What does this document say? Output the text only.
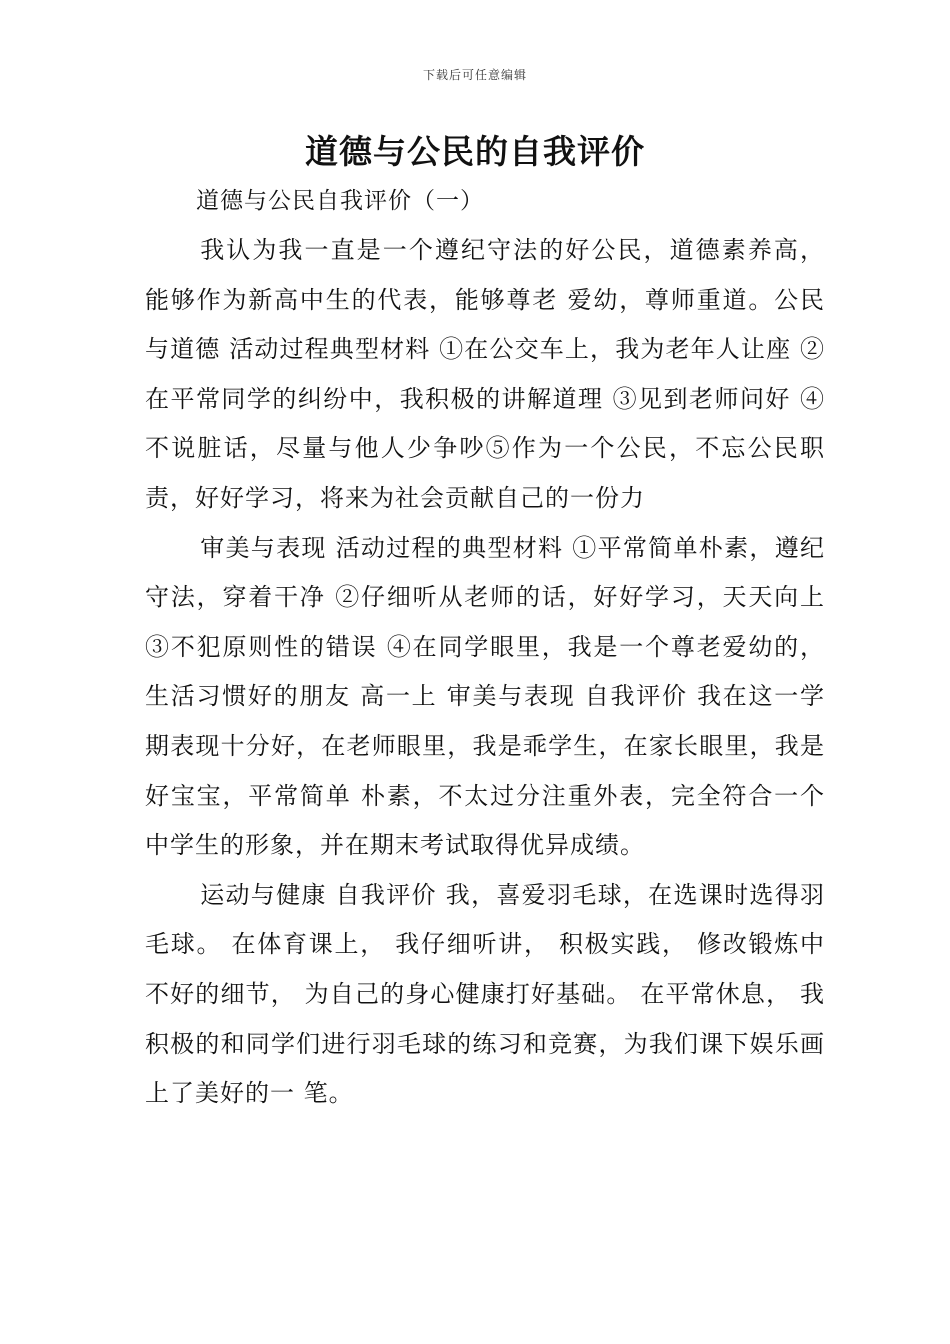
下载后可任意编辑
道德与公民的自我评价
道德与公民自我评价（一）

我认为我一直是一个遵纪守法的好公民，道德素养高，能够作为新高中生的代表，能够尊老 爱幼，尊师重道。公民与道德 活动过程典型材料 ①在公交车上，我为老年人让座 ②在平常同学的纠纷中，我积极的讲解道理 ③见到老师问好 ④ 不说脏话，尽量与他人少争吵⑤作为一个公民，不忘公民职责，好好学习，将来为社会贡献自己的一份力

审美与表现 活动过程的典型材料 ①平常简单朴素，遵纪守法，穿着干净 ②仔细听从老师的话，好好学习，天天向上 ③不犯原则性的错误 ④在同学眼里，我是一个尊老爱幼的，生活习惯好的朋友 高一上 审美与表现 自我评价 我在这一学期表现十分好，在老师眼里，我是乖学生，在家长眼里，我是好宝宝，平常简单 朴素，不太过分注重外表，完全符合一个中学生的形象，并在期末考试取得优异成绩。

运动与健康 自我评价 我，喜爱羽毛球，在选课时选得羽毛球。 在体育课上， 我仔细听讲， 积极实践， 修改锻炼中不好的细节， 为自己的身心健康打好基础。 在平常休息， 我积极的和同学们进行羽毛球的练习和竞赛，为我们课下娱乐画上了美好的一 笔。
